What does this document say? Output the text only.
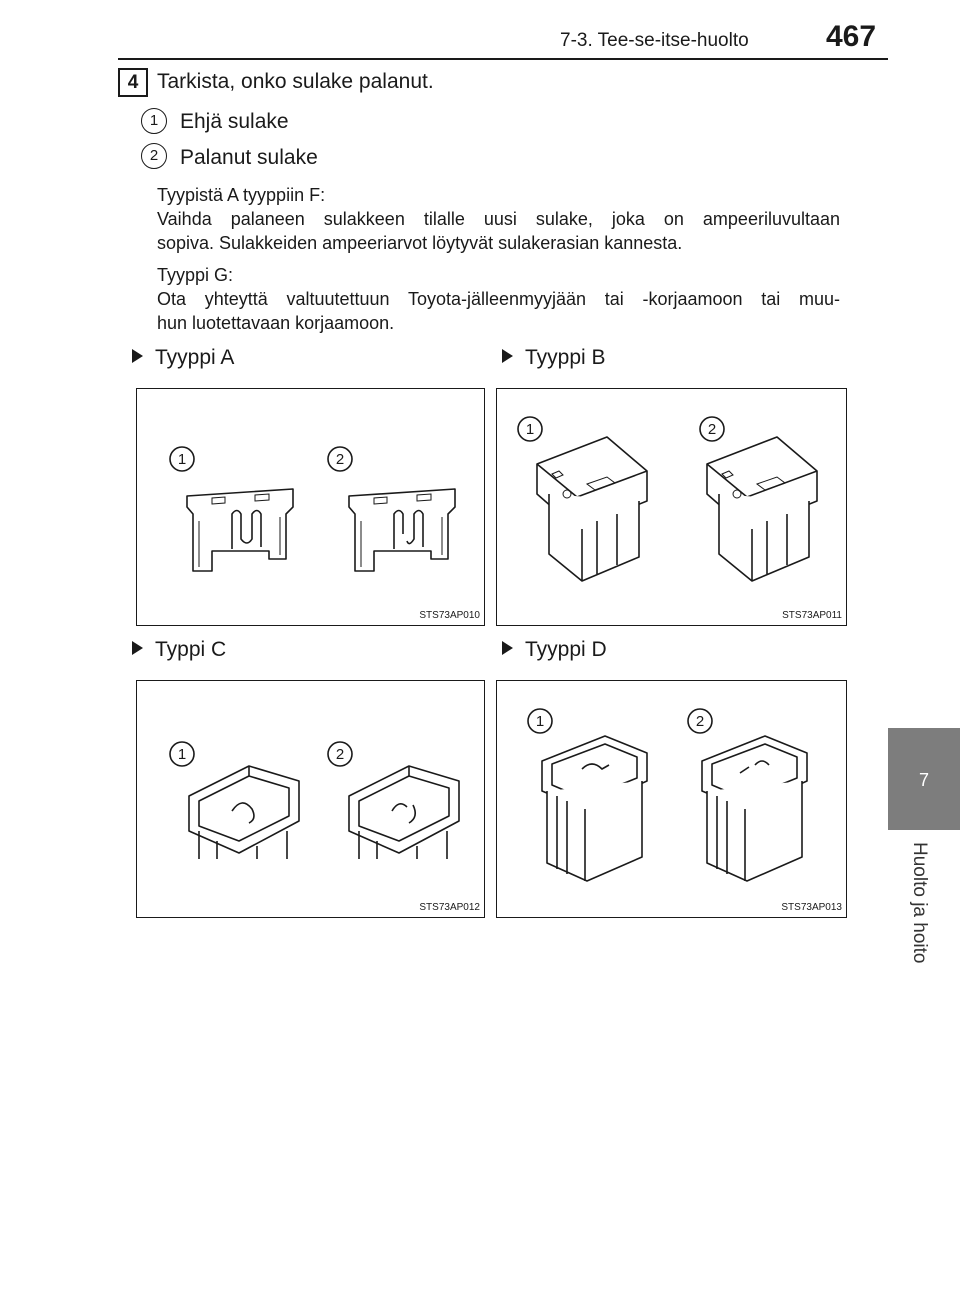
7-3. Tee-se-itse-huolto	467
7
Huolto ja hoito
4 Tarkista, onko sulake palanut.
1	Ehjä sulake
2	Palanut sulake
Tyypistä A tyyppiin F:
Vaihda palaneen sulakkeen tilalle uusi sulake, joka on ampeeriluvultaan
sopiva. Sulakkeiden ampeeriarvot löytyvät sulakerasian kannesta.
Tyyppi G:
Ota yhteyttä valtuutettuun Toyota-jälleenmyyjään tai -korjaamoon tai muu-
hun luotettavaan korjaamoon.
Tyyppi A	Tyyppi B
Typpi C	Tyyppi D
1	2
STS73AP010
1	2
STS73AP011
1	2
STS73AP012
1	2
STS73AP013
